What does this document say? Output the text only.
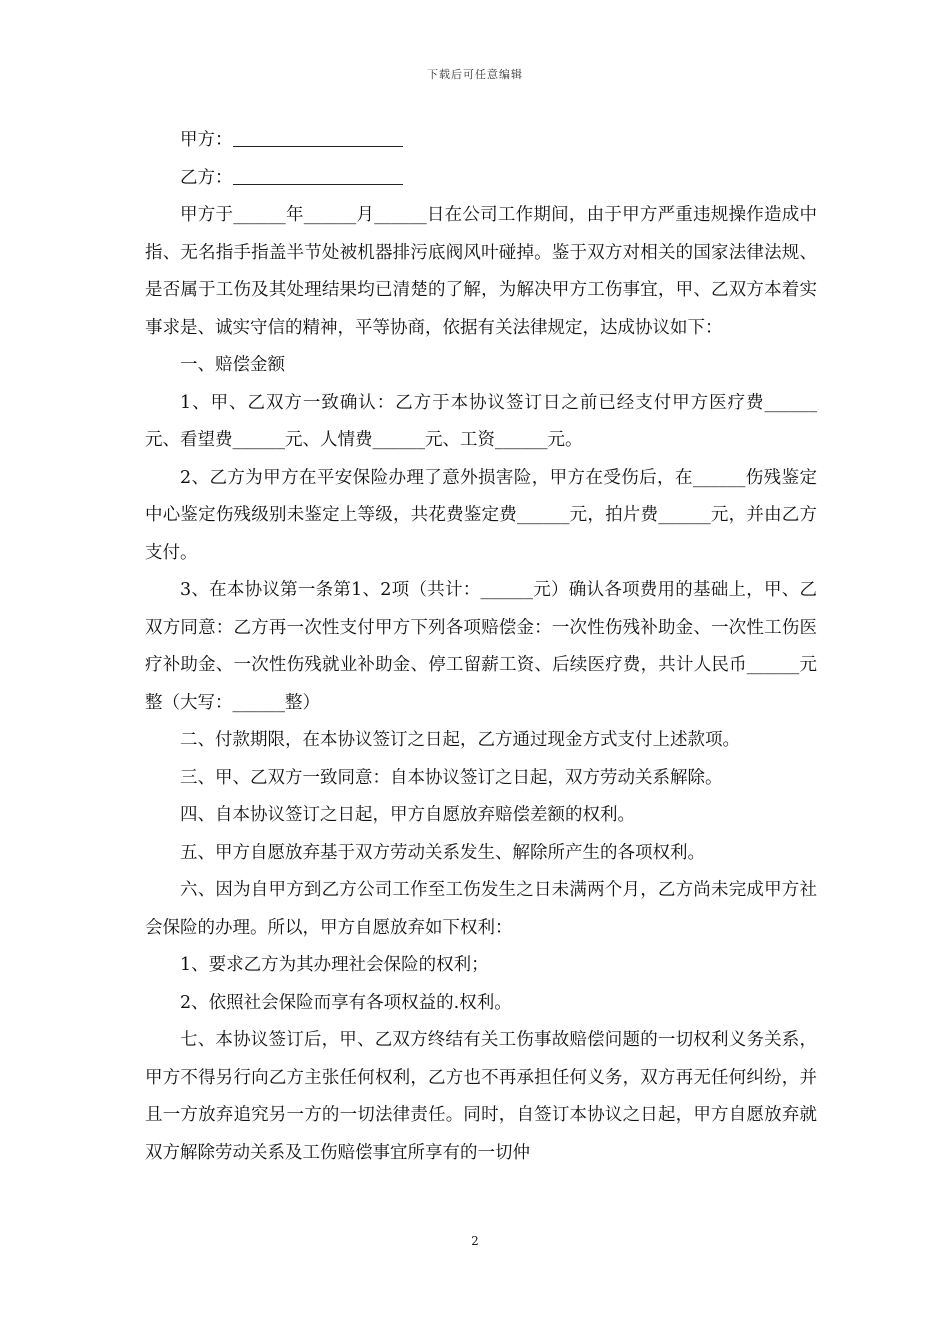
下载后可任意编辑

甲方：

乙方：

甲方于______年______月______日在公司工作期间，由于甲方严重违规操作造成中指、无名指手指盖半节处被机器排污底阀风叶碰掉。鉴于双方对相关的国家法律法规、是否属于工伤及其处理结果均已清楚的了解，为解决甲方工伤事宜，甲、乙双方本着实事求是、诚实守信的精神，平等协商，依据有关法律规定，达成协议如下：

一、赔偿金额

1、甲、乙双方一致确认：乙方于本协议签订日之前已经支付甲方医疗费______元、看望费______元、人情费______元、工资______元。

2、乙方为甲方在平安保险办理了意外损害险，甲方在受伤后，在______伤残鉴定中心鉴定伤残级别未鉴定上等级，共花费鉴定费______元，拍片费______元，并由乙方支付。

3、在本协议第一条第1、2项（共计：______元）确认各项费用的基础上，甲、乙双方同意：乙方再一次性支付甲方下列各项赔偿金：一次性伤残补助金、一次性工伤医疗补助金、一次性伤残就业补助金、停工留薪工资、后续医疗费，共计人民币______元整（大写：______整）

二、付款期限，在本协议签订之日起，乙方通过现金方式支付上述款项。

三、甲、乙双方一致同意：自本协议签订之日起，双方劳动关系解除。

四、自本协议签订之日起，甲方自愿放弃赔偿差额的权利。

五、甲方自愿放弃基于双方劳动关系发生、解除所产生的各项权利。

六、因为自甲方到乙方公司工作至工伤发生之日未满两个月，乙方尚未完成甲方社会保险的办理。所以，甲方自愿放弃如下权利：

1、要求乙方为其办理社会保险的权利；

2、依照社会保险而享有各项权益的.权利。

七、本协议签订后，甲、乙双方终结有关工伤事故赔偿问题的一切权利义务关系，甲方不得另行向乙方主张任何权利，乙方也不再承担任何义务，双方再无任何纠纷，并且一方放弃追究另一方的一切法律责任。同时，自签订本协议之日起，甲方自愿放弃就双方解除劳动关系及工伤赔偿事宜所享有的一切仲

2
